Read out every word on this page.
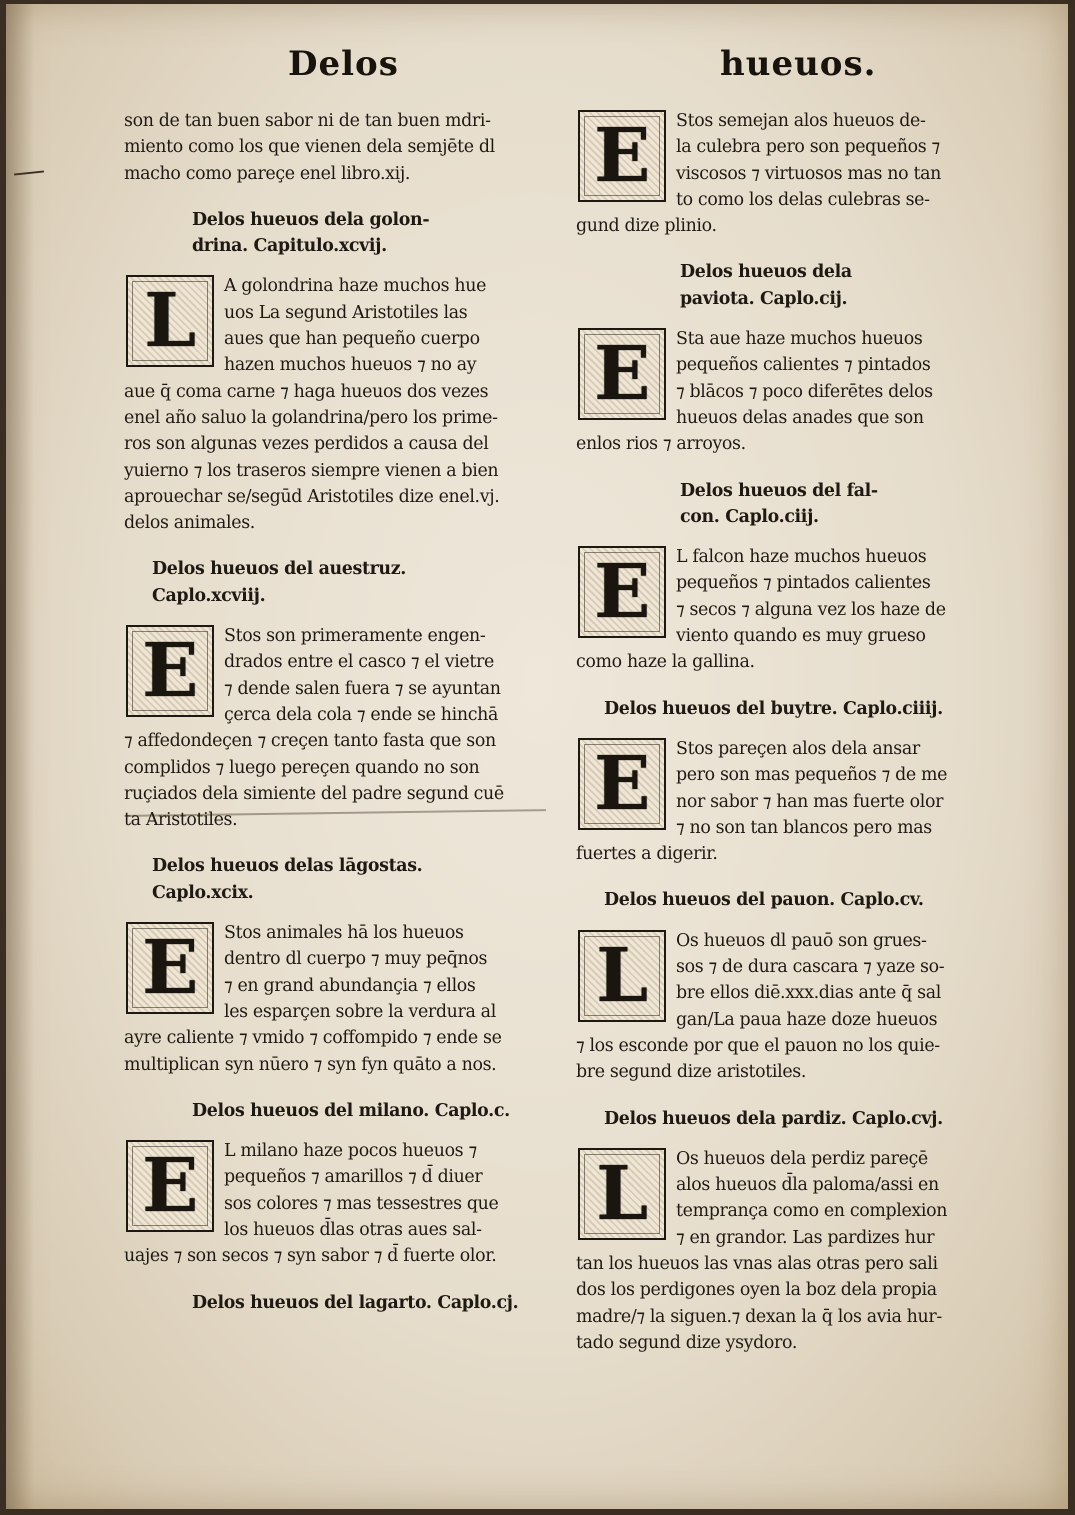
Delos	hueuos.

son de tan buen sabor ni de tan buen mdri-

miento como los que vienen dela semjēte dl

macho como pareçe enel libro.xij.

Delos hueuos dela golon-

drina. Capitulo.xcvij.

L	A golondrina haze muchos hue

uos La segund Aristotiles las

aues que han pequeño cuerpo

hazen muchos hueuos ⁊ no ay

aue q̄ coma carne ⁊ haga hueuos dos vezes

enel año saluo la golandrina/pero los prime-

ros son algunas vezes perdidos a causa del

yuierno ⁊ los traseros siempre vienen a bien

aprouechar se/segūd Aristotiles dize enel.vj.

delos animales.

Delos hueuos del auestruz. Caplo.xcviij.

E	Stos son primeramente engen-

drados entre el casco ⁊ el vietre

⁊ dende salen fuera ⁊ se ayuntan

çerca dela cola ⁊ ende se hinchā

⁊ affedondeçen ⁊ creçen tanto fasta que son

complidos ⁊ luego pereçen quando no son

ruçiados dela simiente del padre segund cuē

ta Aristotiles.

Delos hueuos delas lāgostas. Caplo.xcix.

E	Stos animales hā los hueuos

dentro dl cuerpo ⁊ muy peq̄nos

⁊ en grand abundançia ⁊ ellos

les esparçen sobre la verdura al

ayre caliente ⁊ vmido ⁊ coffompido ⁊ ende se

multiplican syn nūero ⁊ syn fyn quāto a nos.

Delos hueuos del milano. Caplo.c.

E	L milano haze pocos hueuos ⁊

pequeños ⁊ amarillos ⁊ d̄ diuer

sos colores ⁊ mas tessestres que

los hueuos d̄las otras aues sal-

uajes ⁊ son secos ⁊ syn sabor ⁊ d̄ fuerte olor.

Delos hueuos del lagarto. Caplo.cj.

E	Stos semejan alos hueuos de-

la culebra pero son pequeños ⁊

viscosos ⁊ virtuosos mas no tan

to como los delas culebras se-

gund dize plinio.

Delos hueuos dela

paviota. Caplo.cij.

E	Sta aue haze muchos hueuos

pequeños calientes ⁊ pintados

⁊ blācos ⁊ poco diferētes delos

hueuos delas anades que son

enlos rios ⁊ arroyos.

Delos hueuos del fal-

con. Caplo.ciij.

E	L falcon haze muchos hueuos

pequeños ⁊ pintados calientes

⁊ secos ⁊ alguna vez los haze de

viento quando es muy grueso

como haze la gallina.

Delos hueuos del buytre. Caplo.ciiij.

E	Stos pareçen alos dela ansar

pero son mas pequeños ⁊ de me

nor sabor ⁊ han mas fuerte olor

⁊ no son tan blancos pero mas

fuertes a digerir.

Delos hueuos del pauon. Caplo.cv.

L	Os hueuos dl pauō son grues-

sos ⁊ de dura cascara ⁊ yaze so-

bre ellos diē.xxx.dias ante q̄ sal

gan/La paua haze doze hueuos

⁊ los esconde por que el pauon no los quie-

bre segund dize aristotiles.

Delos hueuos dela pardiz. Caplo.cvj.

L	Os hueuos dela perdiz pareçē

alos hueuos d̄la paloma/assi en

temprança como en complexion

⁊ en grandor. Las pardizes hur

tan los hueuos las vnas alas otras pero sali

dos los perdigones oyen la boz dela propia

madre/⁊ la siguen.⁊ dexan la q̄ los avia hur-

tado segund dize ysydoro.
